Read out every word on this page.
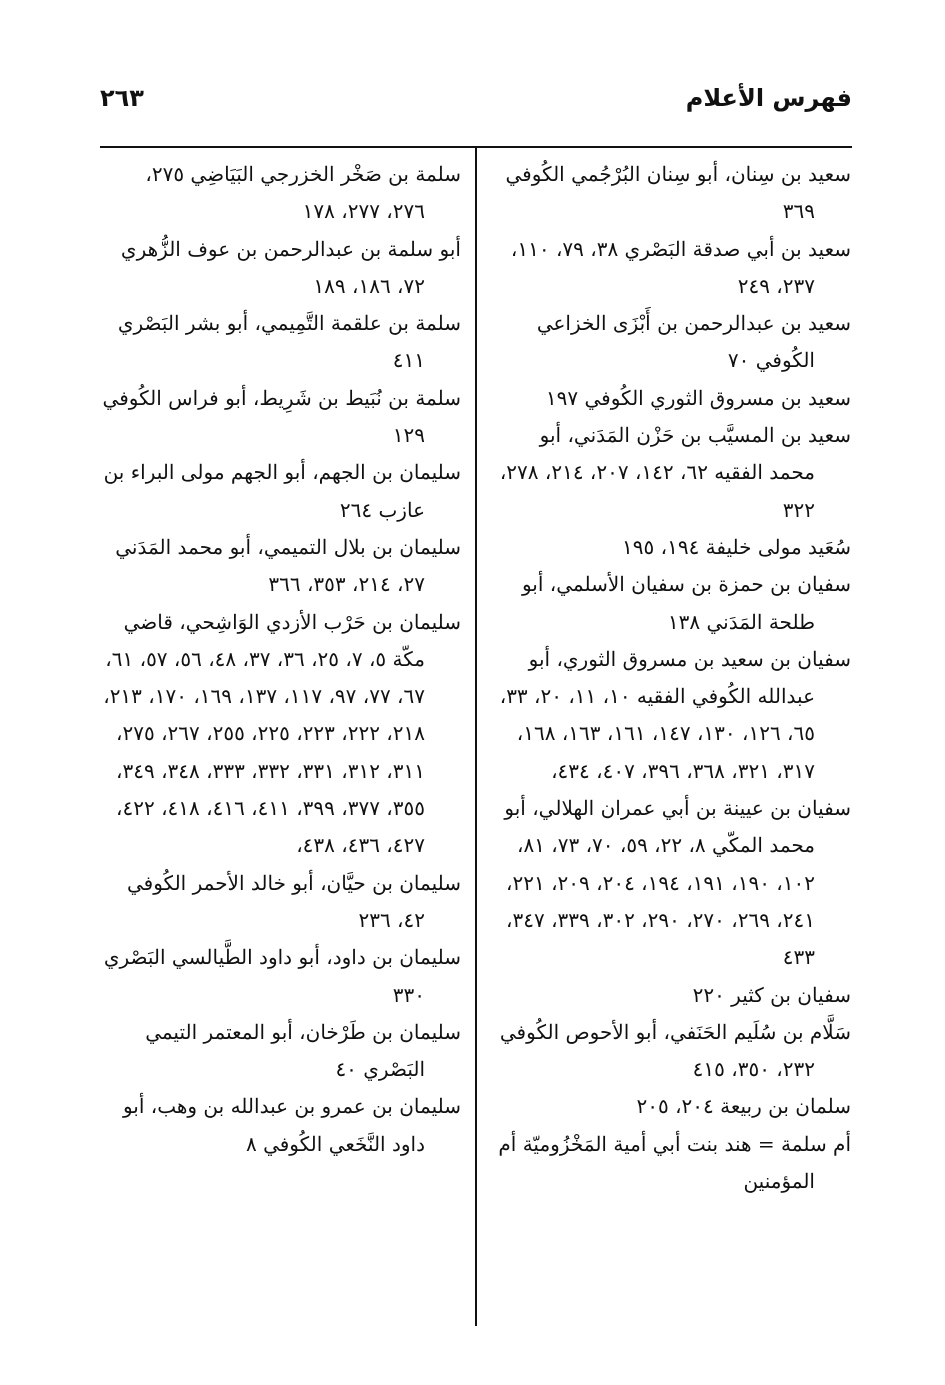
فهرس الأعلام
٢٦٣
سعيد بن سِنان، أبو سِنان البُرْجُمي الكُوفي ٣٦٩
سعيد بن أبي صدقة البَصْري ٣٨، ٧٩، ١١٠، ٢٣٧، ٢٤٩
سعيد بن عبدالرحمن بن أَبْزَى الخزاعي الكُوفي ٧٠
سعيد بن مسروق الثوري الكُوفي ١٩٧
سعيد بن المسيَّب بن حَزْن المَدَني، أبو محمد الفقيه ٦٢، ١٤٢، ٢٠٧، ٢١٤، ٢٧٨، ٣٢٢
سُعَيد مولى خليفة ١٩٤، ١٩٥
سفيان بن حمزة بن سفيان الأسلمي، أبو طلحة المَدَني ١٣٨
سفيان بن سعيد بن مسروق الثوري، أبو عبدالله الكُوفي الفقيه ١٠، ١١، ٢٠، ٣٣، ٦٥، ١٢٦، ١٣٠، ١٤٧، ١٦١، ١٦٣، ١٦٨، ٣١٧، ٣٢١، ٣٦٨، ٣٩٦، ٤٠٧، ٤٣٤،
سفيان بن عيينة بن أبي عمران الهلالي، أبو محمد المكّي ٨، ٢٢، ٥٩، ٧٠، ٧٣، ٨١، ١٠٢، ١٩٠، ١٩١، ١٩٤، ٢٠٤، ٢٠٩، ٢٢١، ٢٤١، ٢٦٩، ٢٧٠، ٢٩٠، ٣٠٢، ٣٣٩، ٣٤٧، ٤٣٣
سفيان بن كثير ٢٢٠
سَلَّام بن سُلَيم الحَنَفي، أبو الأحوص الكُوفي ٢٣٢، ٣٥٠، ٤١٥
سلمان بن ربيعة ٢٠٤، ٢٠٥
أم سلمة = هند بنت أبي أمية المَخْزُوميّة أم المؤمنين
سلمة بن صَخْر الخزرجي البَيَاضِي ٢٧٥، ٢٧٦، ٢٧٧، ١٧٨
أبو سلمة بن عبدالرحمن بن عوف الزُّهري ٧٢، ١٨٦، ١٨٩
سلمة بن علقمة التَّمِيمي، أبو بشر البَصْري ٤١١
سلمة بن نُبَيط بن شَرِيط، أبو فراس الكُوفي ١٢٩
سليمان بن الجهم، أبو الجهم مولى البراء بن عازب ٢٦٤
سليمان بن بلال التميمي، أبو محمد المَدَني ٢٧، ٢١٤، ٣٥٣، ٣٦٦
سليمان بن حَرْب الأزدي الوَاشِحي، قاضي مكّة ٥، ٧، ٢٥، ٣٦، ٣٧، ٤٨، ٥٦، ٥٧، ٦١، ٦٧، ٧٧، ٩٧، ١١٧، ١٣٧، ١٦٩، ١٧٠، ٢١٣، ٢١٨، ٢٢٢، ٢٢٣، ٢٢٥، ٢٥٥، ٢٦٧، ٢٧٥، ٣١١، ٣١٢، ٣٣١، ٣٣٢، ٣٣٣، ٣٤٨، ٣٤٩، ٣٥٥، ٣٧٧، ٣٩٩، ٤١١، ٤١٦، ٤١٨، ٤٢٢، ٤٢٧، ٤٣٦، ٤٣٨،
سليمان بن حيَّان، أبو خالد الأحمر الكُوفي ٤٢، ٢٣٦
سليمان بن داود، أبو داود الطَّيالسي البَصْري ٣٣٠
سليمان بن طَرْخان، أبو المعتمر التيمي البَصْري ٤٠
سليمان بن عمرو بن عبدالله بن وهب، أبو داود النَّخَعي الكُوفي ٨
